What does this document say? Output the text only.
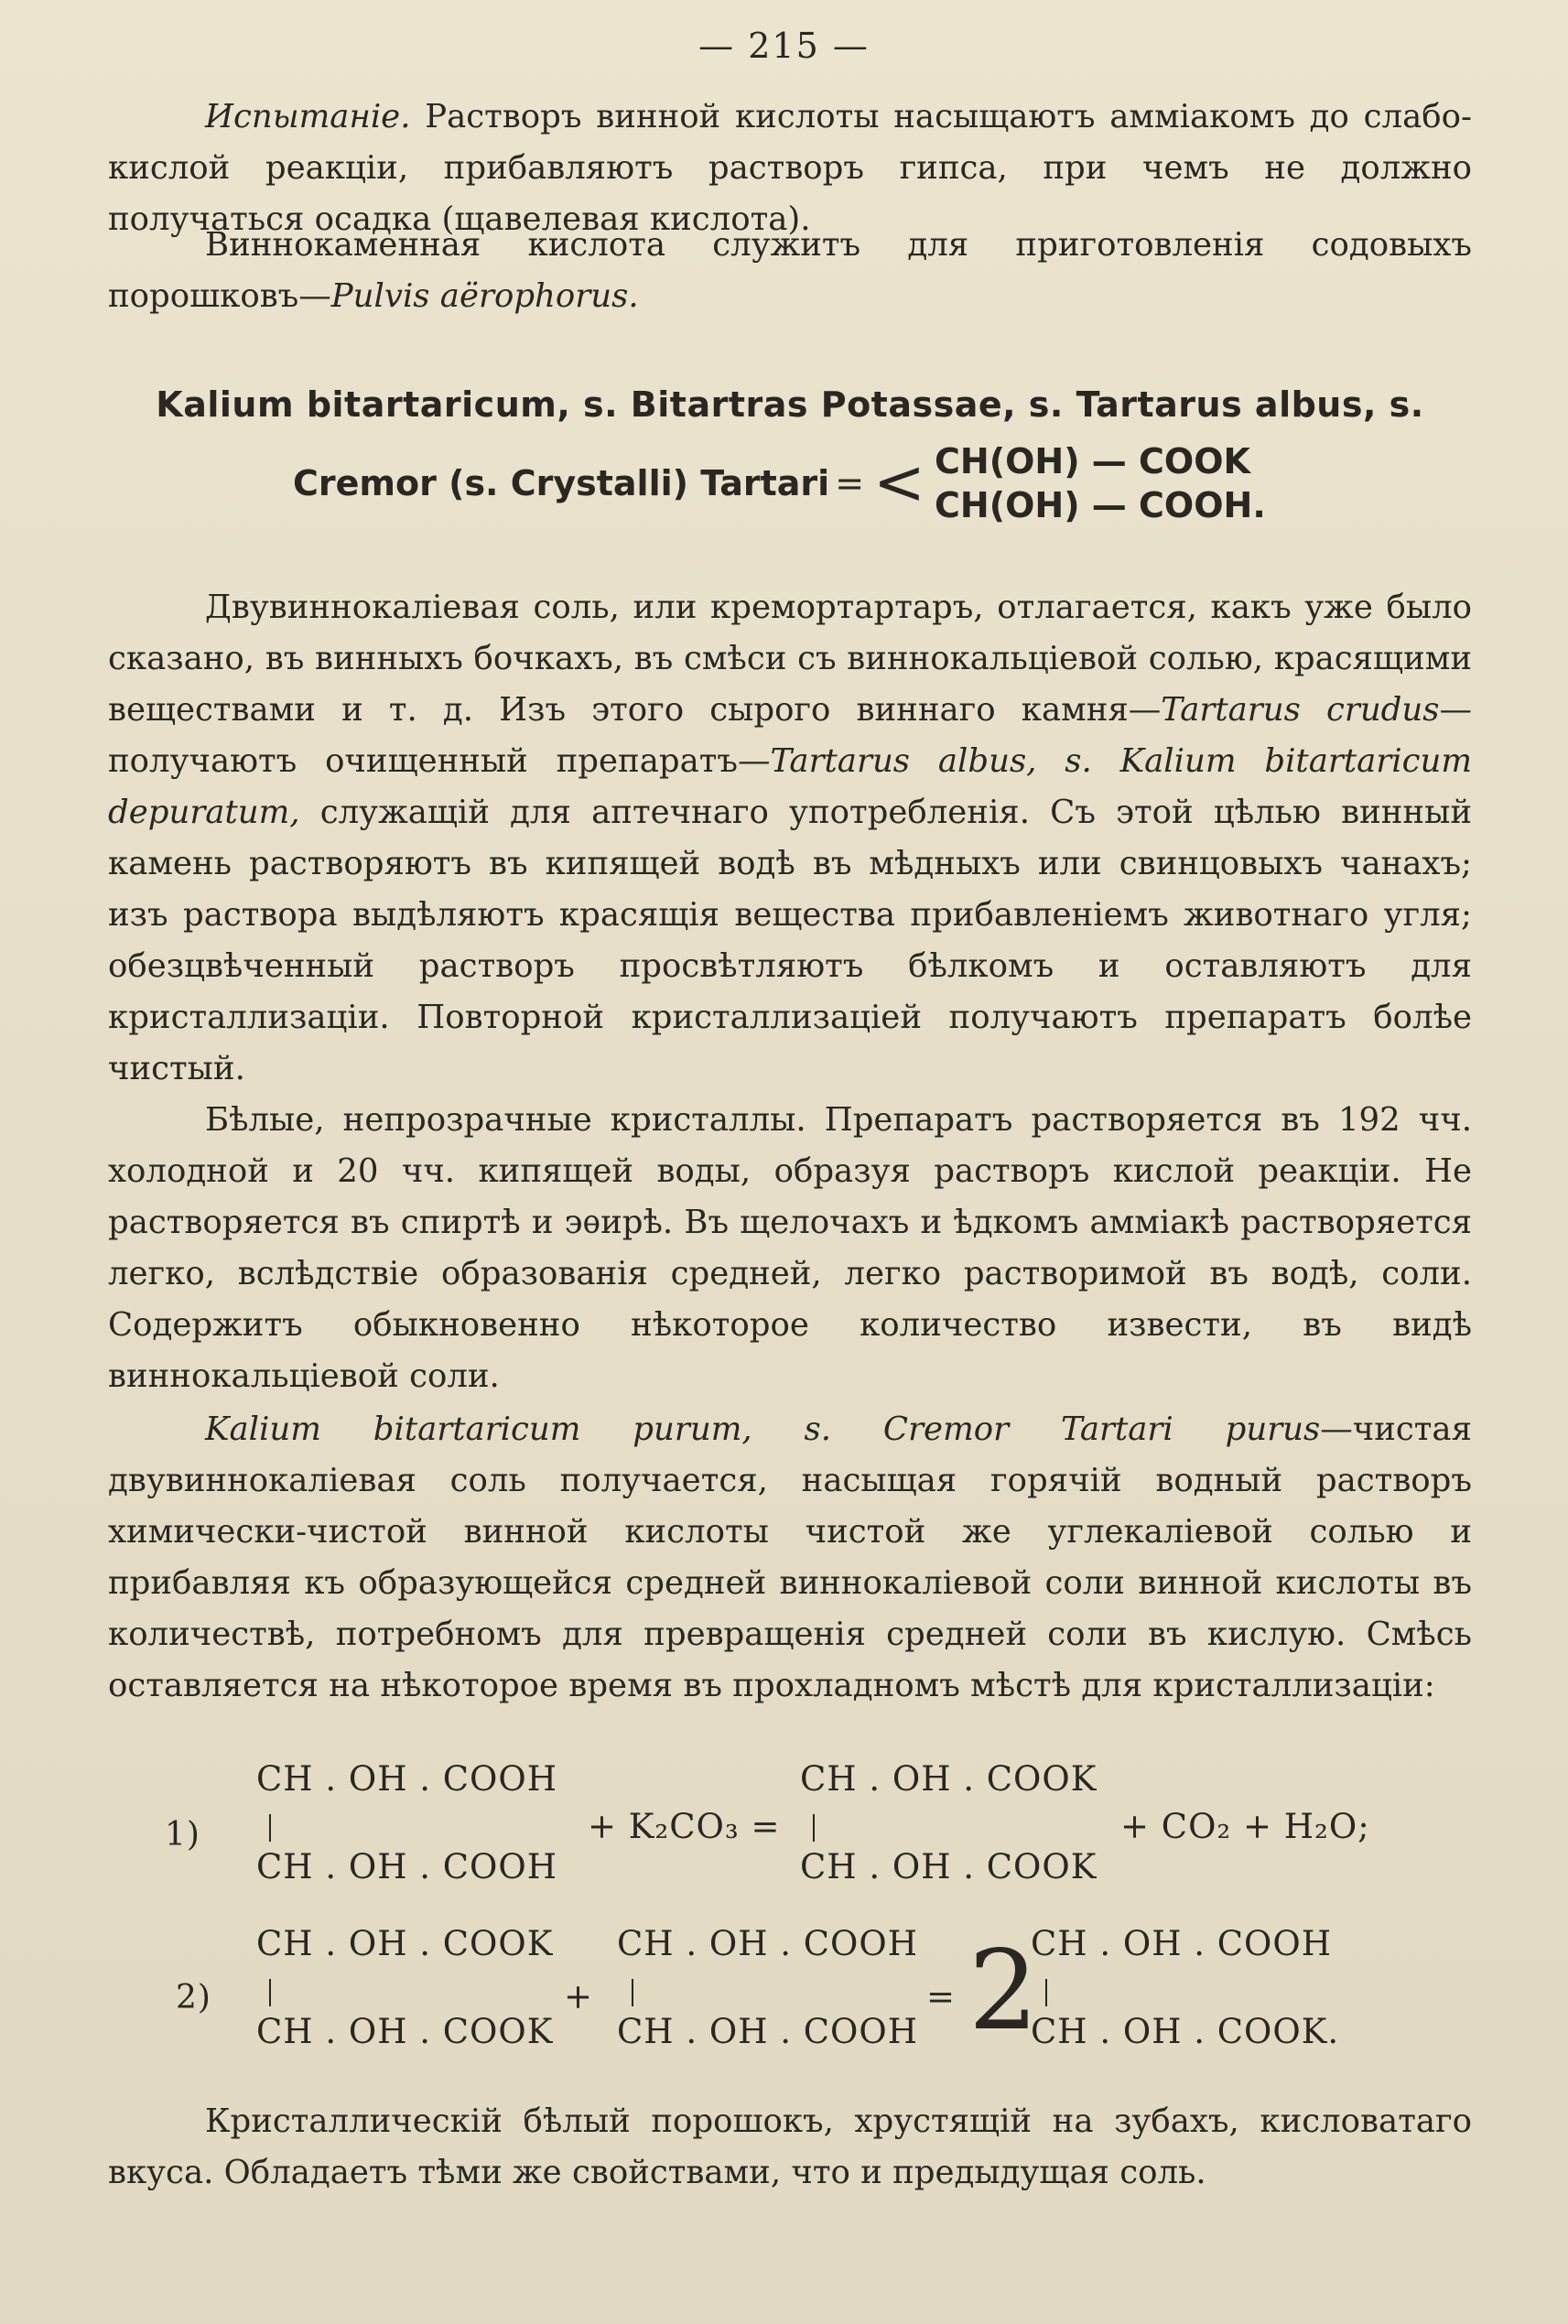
— 215 —

Испытаніе. Растворъ винной кислоты насыщаютъ амміакомъ до слабо-кислой реакціи, прибавляютъ растворъ гипса, при чемъ не должно получаться осадка (щавелевая кислота).

Виннокаменная кислота служитъ для приготовленія содовыхъ порошковъ—Pulvis aërophorus.

Kalium bitartaricum, s. Bitartras Potassae, s. Tartarus albus, s.
Cremor (s. Crystalli) Tartari = < CH(OH) — COOK
CH(OH) — COOH.

Двувиннокаліевая соль, или кремортартаръ, отлагается, какъ уже было сказано, въ винныхъ бочкахъ, въ смѣси съ виннокальціевой солью, красящими веществами и т. д. Изъ этого сырого виннаго камня—Tartarus crudus—получаютъ очищенный препаратъ—Tartarus albus, s. Kalium bitartaricum depuratum, служащій для аптечнаго употребленія. Съ этой цѣлью винный камень растворяютъ въ кипящей водѣ въ мѣдныхъ или свинцовыхъ чанахъ; изъ раствора выдѣляютъ красящія вещества прибавленіемъ животнаго угля; обезцвѣченный растворъ просвѣтляютъ бѣлкомъ и оставляютъ для кристаллизаціи. Повторной кристаллизаціей получаютъ препаратъ болѣе чистый.

Бѣлые, непрозрачные кристаллы. Препаратъ растворяется въ 192 чч. холодной и 20 чч. кипящей воды, образуя растворъ кислой реакціи. Не растворяется въ спиртѣ и эѳирѣ. Въ щелочахъ и ѣдкомъ амміакѣ растворяется легко, вслѣдствіе образованія средней, легко растворимой въ водѣ, соли. Содержитъ обыкновенно нѣкоторое количество извести, въ видѣ виннокальціевой соли.

Kalium bitartaricum purum, s. Cremor Tartari purus—чистая двувиннокаліевая соль получается, насыщая горячій водный растворъ химически-чистой винной кислоты чистой же углекаліевой солью и прибавляя къ образующейся средней виннокаліевой соли винной кислоты въ количествѣ, потребномъ для превращенія средней соли въ кислую. Смѣсь оставляется на нѣкоторое время въ прохладномъ мѣстѣ для кристаллизаціи:

1)
CH . OH . COOH
CH . OH . COOH
+ K₂CO₃ =
CH . OH . COOK
CH . OH . COOK
+ CO₂ + H₂O;
2)
CH . OH . COOK
CH . OH . COOK
+
CH . OH . COOH
CH . OH . COOH
= 2
CH . OH . COOH
CH . OH . COOK.

Кристаллическій бѣлый порошокъ, хрустящій на зубахъ, кисловатаго вкуса. Обладаетъ тѣми же свойствами, что и предыдущая соль.
